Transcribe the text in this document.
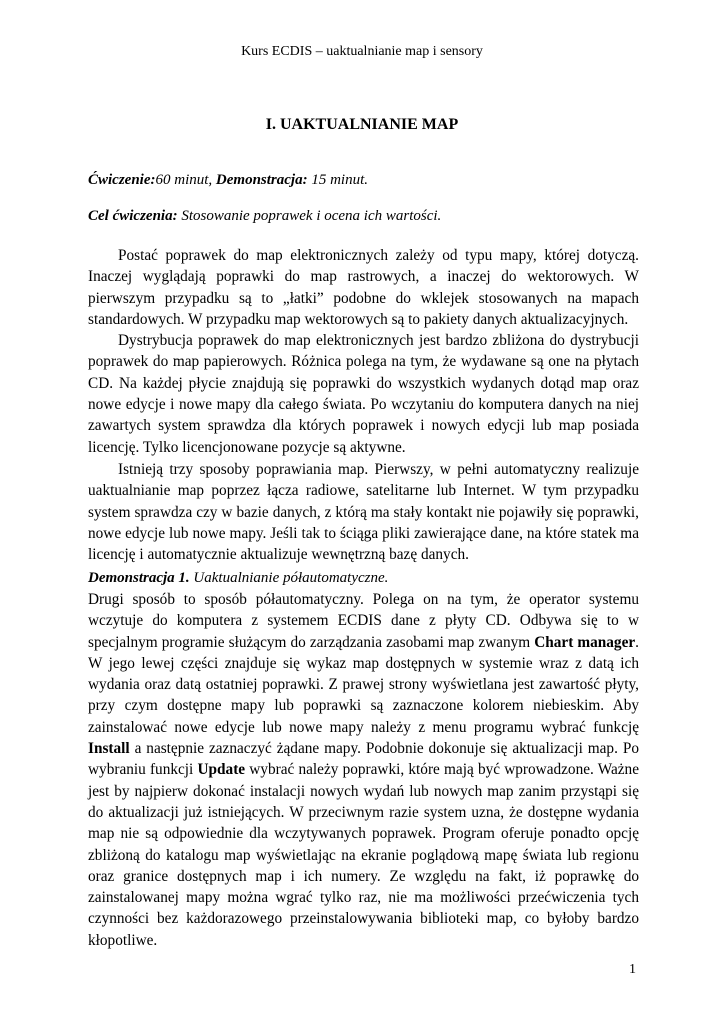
Kurs ECDIS – uaktualnianie map i sensory
I. UAKTUALNIANIE MAP
Ćwiczenie:60 minut, Demonstracja: 15 minut.
Cel ćwiczenia: Stosowanie poprawek i ocena ich wartości.

Postać poprawek do map elektronicznych zależy od typu mapy, której dotyczą. Inaczej wyglądają poprawki do map rastrowych, a inaczej do wektorowych. W pierwszym przypadku są to „łatki” podobne do wklejek stosowanych na mapach standardowych. W przypadku map wektorowych są to pakiety danych aktualizacyjnych.

Dystrybucja poprawek do map elektronicznych jest bardzo zbliżona do dystrybucji poprawek do map papierowych. Różnica polega na tym, że wydawane są one na płytach CD. Na każdej płycie znajdują się poprawki do wszystkich wydanych dotąd map oraz nowe edycje i nowe mapy dla całego świata. Po wczytaniu do komputera danych na niej zawartych system sprawdza dla których poprawek i nowych edycji lub map posiada licencję. Tylko licencjonowane pozycje są aktywne.

Istnieją trzy sposoby poprawiania map. Pierwszy, w pełni automatyczny realizuje uaktualnianie map poprzez łącza radiowe, satelitarne lub Internet. W tym przypadku system sprawdza czy w bazie danych, z którą ma stały kontakt nie pojawiły się poprawki, nowe edycje lub nowe mapy. Jeśli tak to ściąga pliki zawierające dane, na które statek ma licencję i automatycznie aktualizuje wewnętrzną bazę danych.

Demonstracja 1. Uaktualnianie półautomatyczne.

Drugi sposób to sposób półautomatyczny. Polega on na tym, że operator systemu wczytuje do komputera z systemem ECDIS dane z płyty CD. Odbywa się to w specjalnym programie służącym do zarządzania zasobami map zwanym Chart manager. W jego lewej części znajduje się wykaz map dostępnych w systemie wraz z datą ich wydania oraz datą ostatniej poprawki. Z prawej strony wyświetlana jest zawartość płyty, przy czym dostępne mapy lub poprawki są zaznaczone kolorem niebieskim. Aby zainstalować nowe edycje lub nowe mapy należy z menu programu wybrać funkcję Install a następnie zaznaczyć żądane mapy. Podobnie dokonuje się aktualizacji map. Po wybraniu funkcji Update wybrać należy poprawki, które mają być wprowadzone. Ważne jest by najpierw dokonać instalacji nowych wydań lub nowych map zanim przystąpi się do aktualizacji już istniejących. W przeciwnym razie system uzna, że dostępne wydania map nie są odpowiednie dla wczytywanych poprawek. Program oferuje ponadto opcję zbliżoną do katalogu map wyświetlając na ekranie poglądową mapę świata lub regionu oraz granice dostępnych map i ich numery. Ze względu na fakt, iż poprawkę do zainstalowanej mapy można wgrać tylko raz, nie ma możliwości przećwiczenia tych czynności bez każdorazowego przeinstalowywania biblioteki map, co byłoby bardzo kłopotliwe.

1
